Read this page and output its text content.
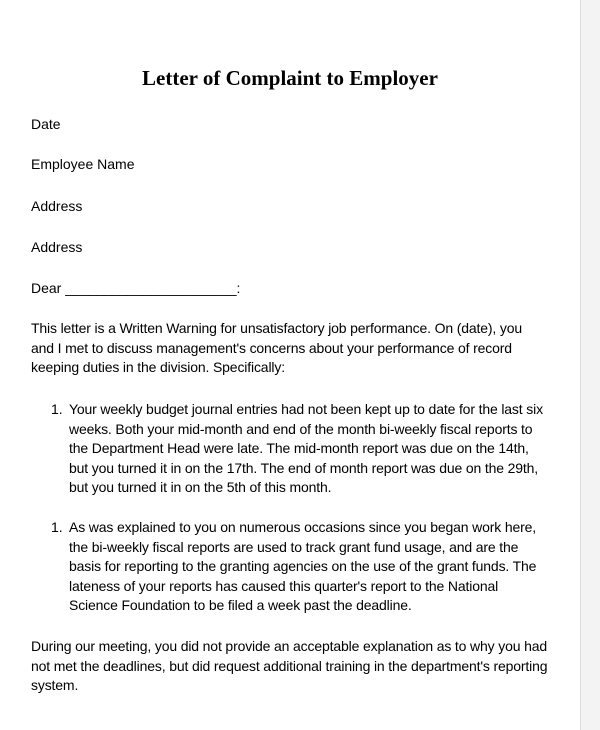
Letter of Complaint to Employer

Date

Employee Name

Address

Address

Dear ______________________:

This letter is a Written Warning for unsatisfactory job performance. On (date), you and I met to discuss management's concerns about your performance of record keeping duties in the division. Specifically:

1. Your weekly budget journal entries had not been kept up to date for the last six weeks. Both your mid-month and end of the month bi-weekly fiscal reports to the Department Head were late. The mid-month report was due on the 14th, but you turned it in on the 17th. The end of month report was due on the 29th, but you turned it in on the 5th of this month.
1. As was explained to you on numerous occasions since you began work here, the bi-weekly fiscal reports are used to track grant fund usage, and are the basis for reporting to the granting agencies on the use of the grant funds. The lateness of your reports has caused this quarter's report to the National Science Foundation to be filed a week past the deadline.

During our meeting, you did not provide an acceptable explanation as to why you had not met the deadlines, but did request additional training in the department's reporting system.
